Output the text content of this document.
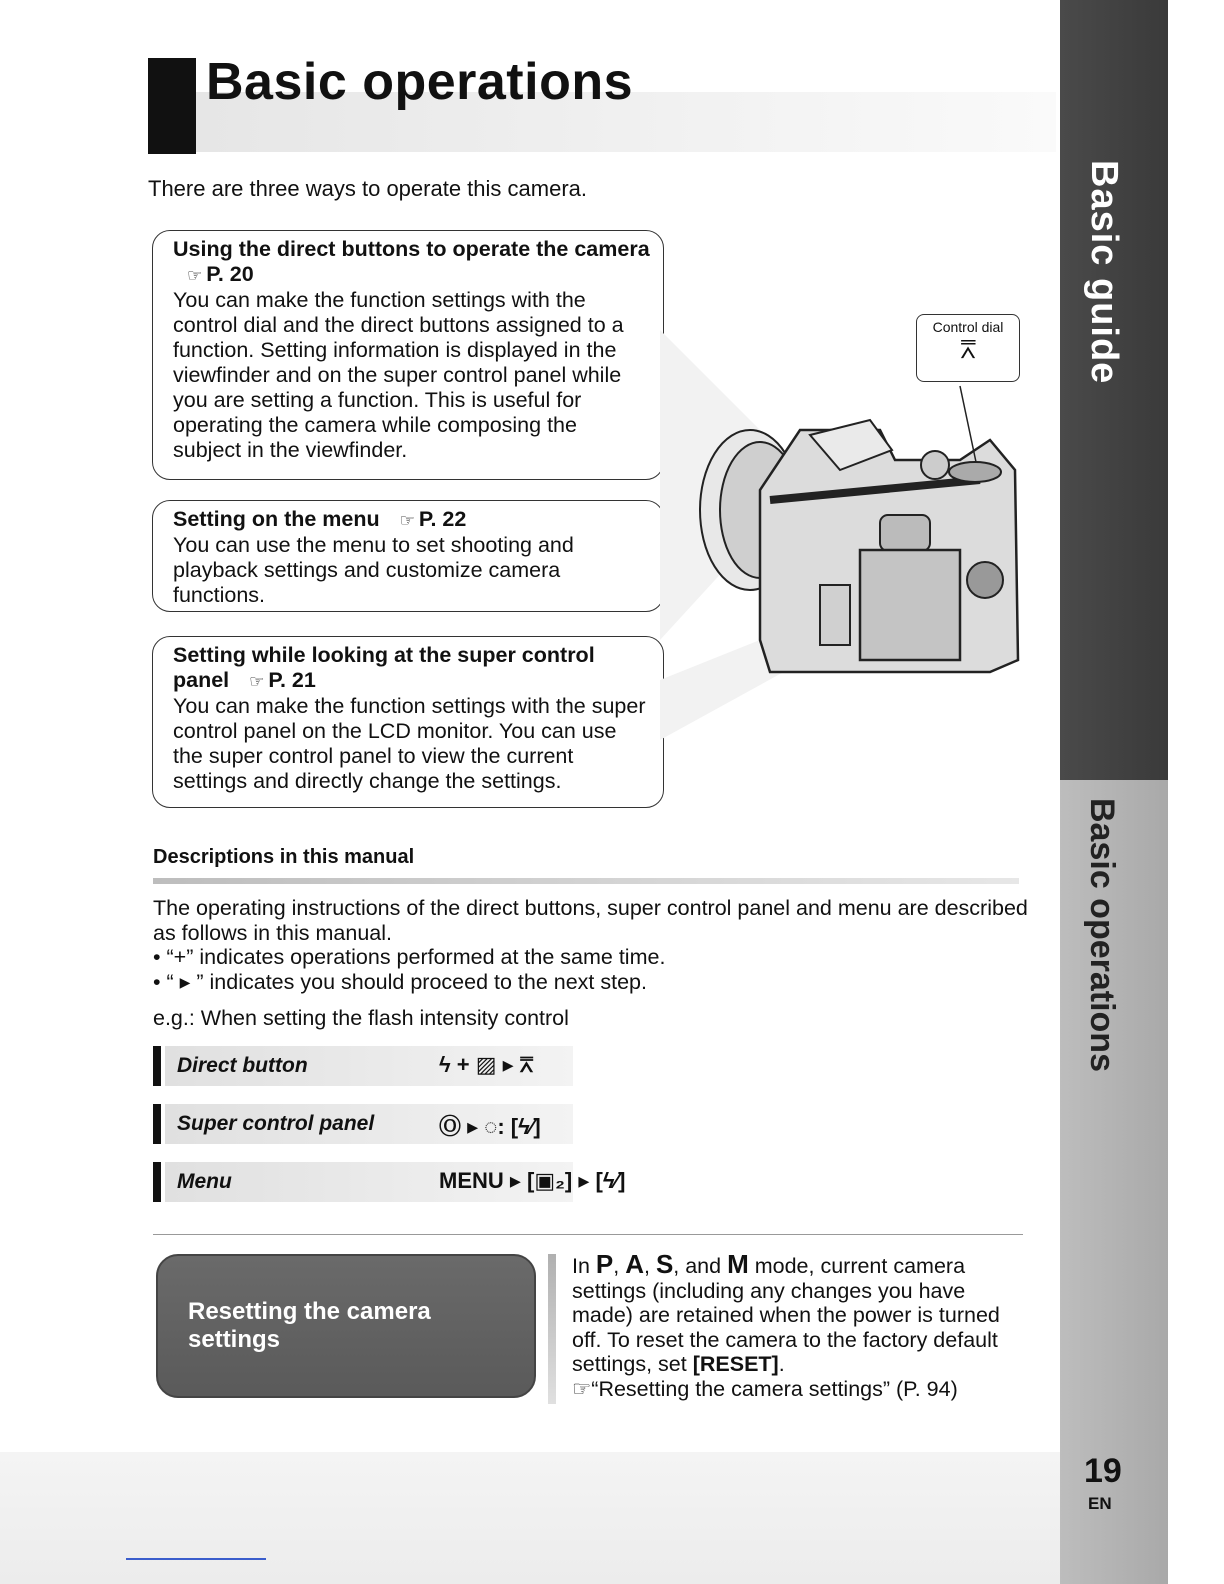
Basic operations

There are three ways to operate this camera.

Using the direct buttons to operate the camera ☞ P. 20
You can make the function settings with the control dial and the direct buttons assigned to a function. Setting information is displayed in the viewfinder and on the super control panel while you are setting a function. This is useful for operating the camera while composing the subject in the viewfinder.
Setting on the menu ☞ P. 22
You can use the menu to set shooting and playback settings and customize camera functions.
Setting while looking at the super control panel ☞ P. 21
You can make the function settings with the super control panel on the LCD monitor. You can use the super control panel to view the current settings and directly change the settings.
Control dial
⩞	Basic guide
Basic operations
Descriptions in this manual

The operating instructions of the direct buttons, super control panel and menu are described as follows in this manual.
• “+” indicates operations performed at the same time.
• “ ▸ ” indicates you should proceed to the next step.

e.g.: When setting the flash intensity control

Direct button	ϟ + ▨ ▸ ⩞
Super control panel	Ⓞ ▸ ◌: [ϟ∕]
Menu	MENU ▸ [▣₂] ▸ [ϟ∕]

Resetting the camera settings

In P, A, S, and M mode, current camera settings (including any changes you have made) are retained when the power is turned off. To reset the camera to the factory default settings, set [RESET].
☞“Resetting the camera settings” (P. 94)

19
EN
